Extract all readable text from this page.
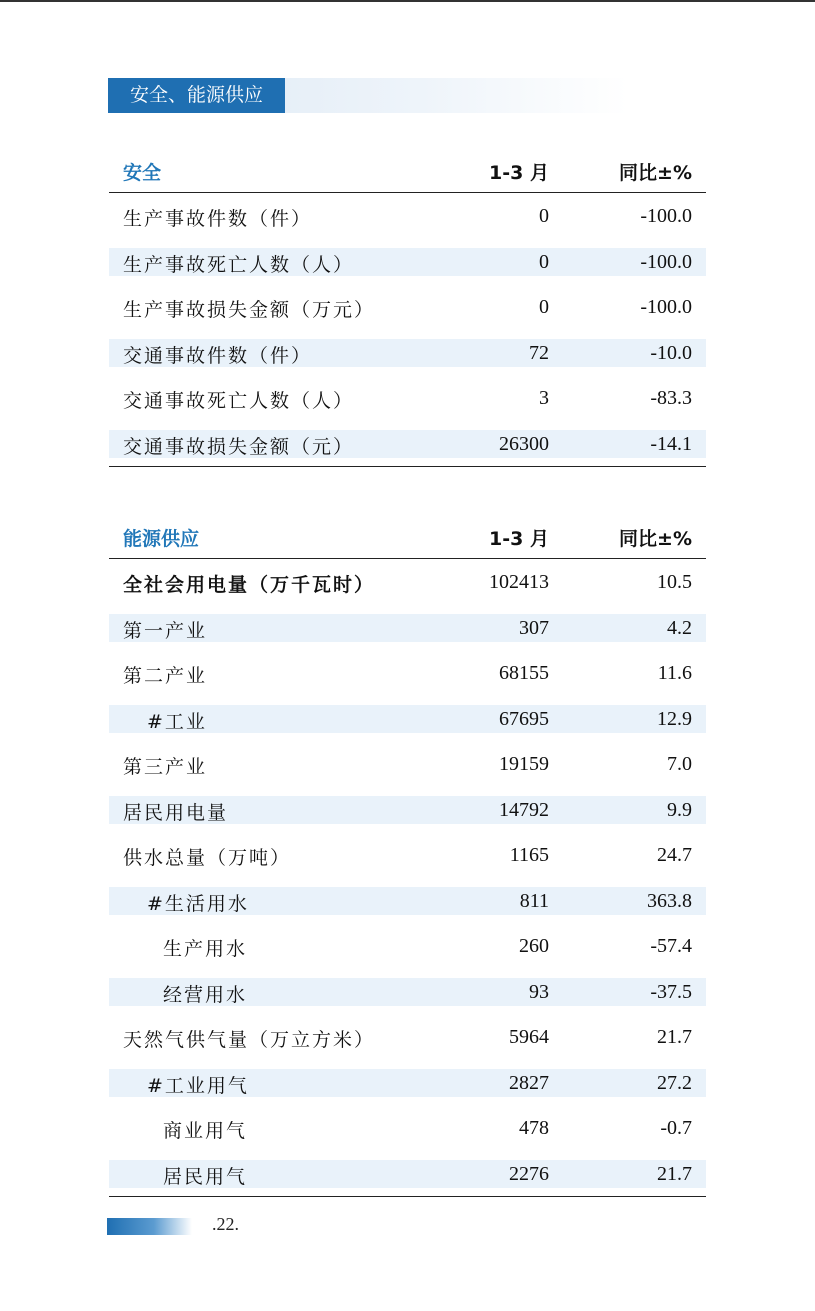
安全、能源供应
安全	1-3 月	同比±%
生产事故件数（件）	0	-100.0
生产事故死亡人数（人）	0	-100.0
生产事故损失金额（万元）	0	-100.0
交通事故件数（件）	72	-10.0
交通事故死亡人数（人）	3	-83.3
交通事故损失金额（元）	26300	-14.1
能源供应	1-3 月	同比±%
全社会用电量（万千瓦时）	102413	10.5
第一产业	307	4.2
第二产业	68155	11.6
#工业	67695	12.9
第三产业	19159	7.0
居民用电量	14792	9.9
供水总量（万吨）	1165	24.7
#生活用水	811	363.8
生产用水	260	-57.4
经营用水	93	-37.5
天然气供气量（万立方米）	5964	21.7
#工业用气	2827	27.2
商业用气	478	-0.7
居民用气	2276	21.7
.22.
